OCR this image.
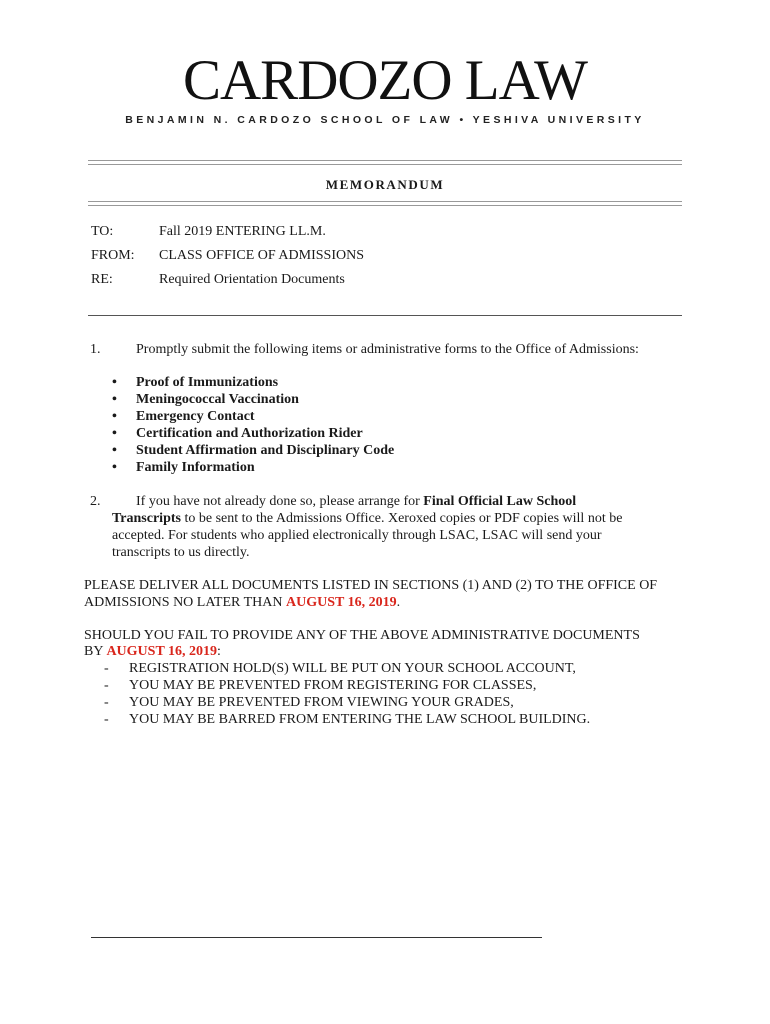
CARDOZO LAW
BENJAMIN N. CARDOZO SCHOOL OF LAW • YESHIVA UNIVERSITY
MEMORANDUM
TO:	Fall 2019 ENTERING LL.M.
FROM: CLASS OFFICE OF ADMISSIONS
RE:	Required Orientation Documents
1.	Promptly submit the following items or administrative forms to the Office of Admissions:
• Proof of Immunizations
• Meningococcal Vaccination
• Emergency Contact
• Certification and Authorization Rider
• Student Affirmation and Disciplinary Code
• Family Information
2.	If you have not already done so, please arrange for Final Official Law School
Transcripts to be sent to the Admissions Office. Xeroxed copies or PDF copies will not be
accepted. For students who applied electronically through LSAC, LSAC will send your
transcripts to us directly.
PLEASE DELIVER ALL DOCUMENTS LISTED IN SECTIONS (1) AND (2) TO THE OFFICE OF
ADMISSIONS NO LATER THAN AUGUST 16, 2019.
SHOULD YOU FAIL TO PROVIDE ANY OF THE ABOVE ADMINISTRATIVE DOCUMENTS
BY AUGUST 16, 2019:
- REGISTRATION HOLD(S) WILL BE PUT ON YOUR SCHOOL ACCOUNT,
- YOU MAY BE PREVENTED FROM REGISTERING FOR CLASSES,
- YOU MAY BE PREVENTED FROM VIEWING YOUR GRADES,
- YOU MAY BE BARRED FROM ENTERING THE LAW SCHOOL BUILDING.
